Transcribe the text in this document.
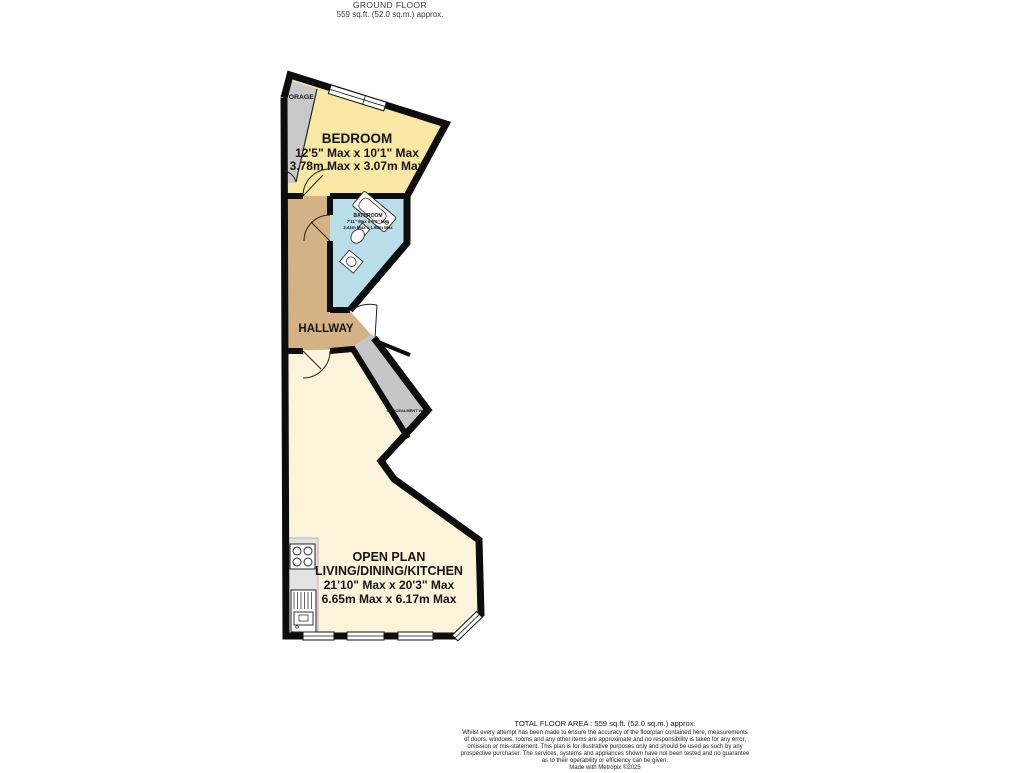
GROUND FLOOR
559 sq.ft. (52.0 sq.m.) approx.
STORAGE
BEDROOM
12'5" Max x 10'1" Max
3.78m Max x 3.07m Max
BATHROOM
7'11" Max x 5'6" Max
2.41m Max x 1.68m Max
HALLWAY
CONCEALMENT WC
OPEN PLAN
LIVING/DINING/KITCHEN
21'10" Max x 20'3" Max
6.65m Max x 6.17m Max
TOTAL FLOOR AREA : 559 sq.ft. (52.0 sq.m.) approx.
Whilst every attempt has been made to ensure the accuracy of the floorplan contained here, measurements
of doors, windows, rooms and any other items are approximate and no responsibility is taken for any error,
omission or mis-statement. This plan is for illustrative purposes only and should be used as such by any
prospective purchaser. The services, systems and appliances shown have not been tested and no guarantee
as to their operability or efficiency can be given.
Made with Metropix ©2025
